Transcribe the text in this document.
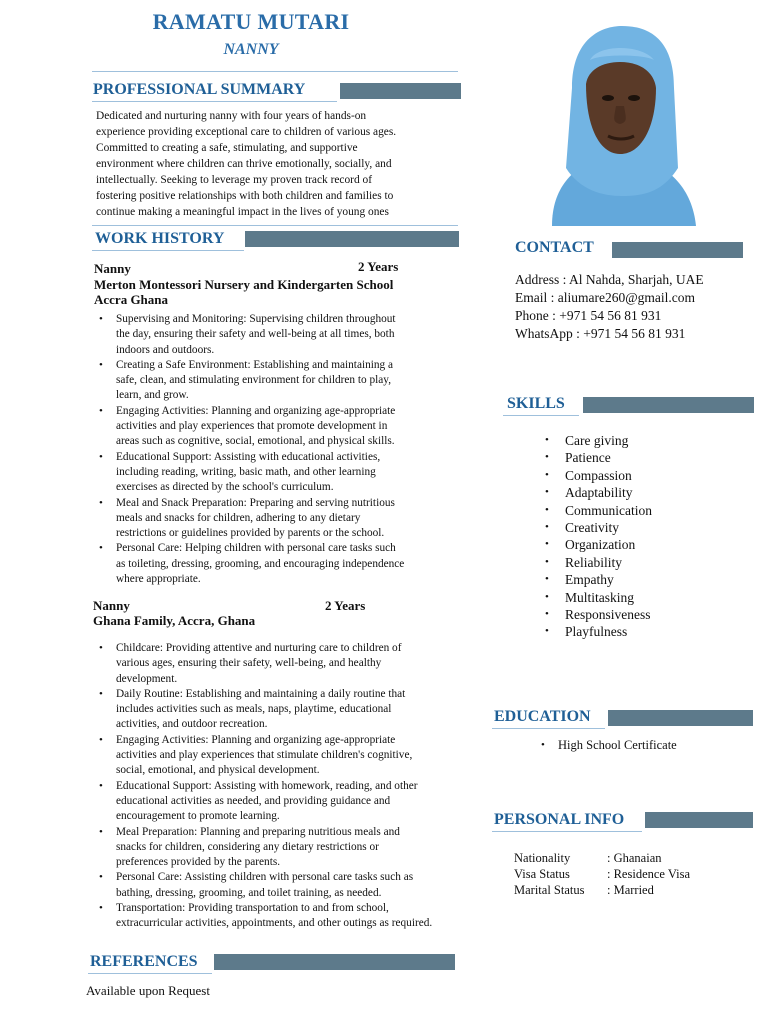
RAMATU MUTARI
NANNY
PROFESSIONAL SUMMARY
Dedicated and nurturing nanny with four years of hands-on
experience providing exceptional care to children of various ages.
Committed to creating a safe, stimulating, and supportive
environment where children can thrive emotionally, socially, and
intellectually. Seeking to leverage my proven track record of
fostering positive relationships with both children and families to
continue making a meaningful impact in the lives of young ones
WORK HISTORY
Nanny	2 Years
Merton Montessori Nursery and Kindergarten School
Accra Ghana
• Supervising and Monitoring: Supervising children throughout
the day, ensuring their safety and well-being at all times, both
indoors and outdoors.
• Creating a Safe Environment: Establishing and maintaining a
safe, clean, and stimulating environment for children to play,
learn, and grow.
• Engaging Activities: Planning and organizing age-appropriate
activities and play experiences that promote development in
areas such as cognitive, social, emotional, and physical skills.
• Educational Support: Assisting with educational activities,
including reading, writing, basic math, and other learning
exercises as directed by the school's curriculum.
• Meal and Snack Preparation: Preparing and serving nutritious
meals and snacks for children, adhering to any dietary
restrictions or guidelines provided by parents or the school.
• Personal Care: Helping children with personal care tasks such
as toileting, dressing, grooming, and encouraging independence
where appropriate.
Nanny	2 Years
Ghana Family, Accra, Ghana
• Childcare: Providing attentive and nurturing care to children of
various ages, ensuring their safety, well-being, and healthy
development.
• Daily Routine: Establishing and maintaining a daily routine that
includes activities such as meals, naps, playtime, educational
activities, and outdoor recreation.
• Engaging Activities: Planning and organizing age-appropriate
activities and play experiences that stimulate children's cognitive,
social, emotional, and physical development.
• Educational Support: Assisting with homework, reading, and other
educational activities as needed, and providing guidance and
encouragement to promote learning.
• Meal Preparation: Planning and preparing nutritious meals and
snacks for children, considering any dietary restrictions or
preferences provided by the parents.
• Personal Care: Assisting children with personal care tasks such as
bathing, dressing, grooming, and toilet training, as needed.
• Transportation: Providing transportation to and from school,
extracurricular activities, appointments, and other outings as required.
REFERENCES
Available upon Request
CONTACT
Address : Al Nahda, Sharjah, UAE
Email : aliumare260@gmail.com
Phone : +971 54 56 81 931
WhatsApp : +971 54 56 81 931
SKILLS
• Care giving
• Patience
• Compassion
• Adaptability
• Communication
• Creativity
• Organization
• Reliability
• Empathy
• Multitasking
• Responsiveness
• Playfulness
EDUCATION
• High School Certificate
PERSONAL INFO
Nationality	: Ghanaian
Visa Status	: Residence Visa
Marital Status : Married
